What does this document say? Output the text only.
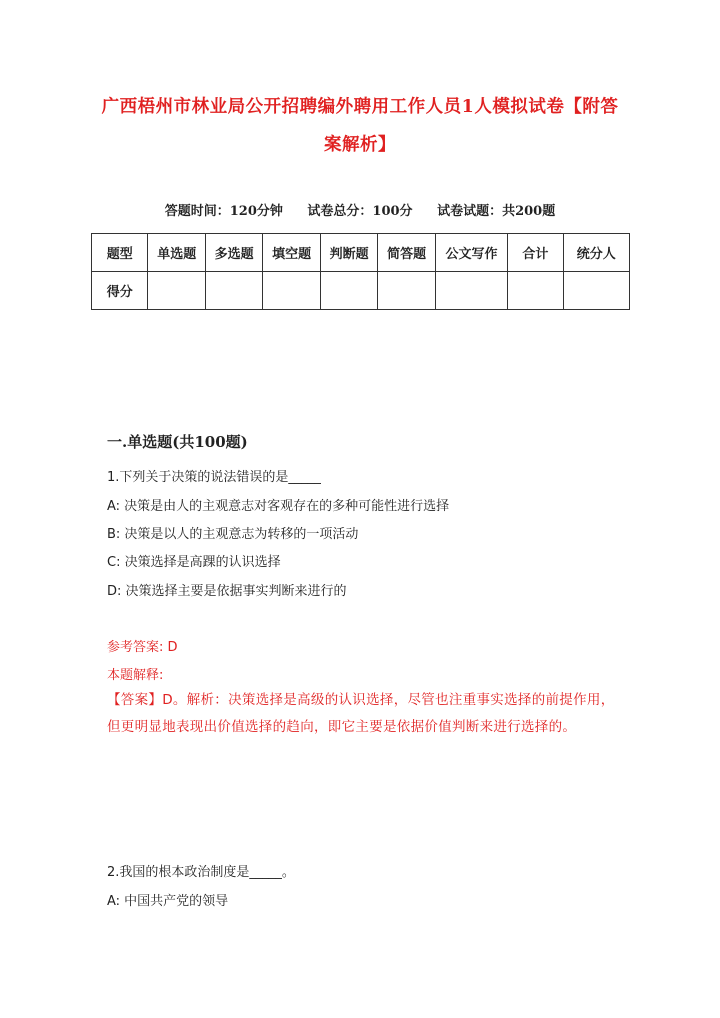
广西梧州市林业局公开招聘编外聘用工作人员1人模拟试卷【附答案解析】
答题时间：120分钟 试卷总分：100分 试卷试题：共200题
题型	单选题	多选题	填空题	判断题	简答题	公文写作	合计	统分人
得分								
一.单选题(共100题)
1.下列关于决策的说法错误的是_____
A: 决策是由人的主观意志对客观存在的多种可能性进行选择
B: 决策是以人的主观意志为转移的一项活动
C: 决策选择是高踝的认识选择
D: 决策选择主要是依据事实判断来进行的
参考答案: D
本题解释:
【答案】D。解析：决策选择是高级的认识选择，尽管也注重事实选择的前提作用，但更明显地表现出价值选择的趋向，即它主要是依据价值判断来进行选择的。
2.我国的根本政治制度是_____。
A: 中国共产党的领导
